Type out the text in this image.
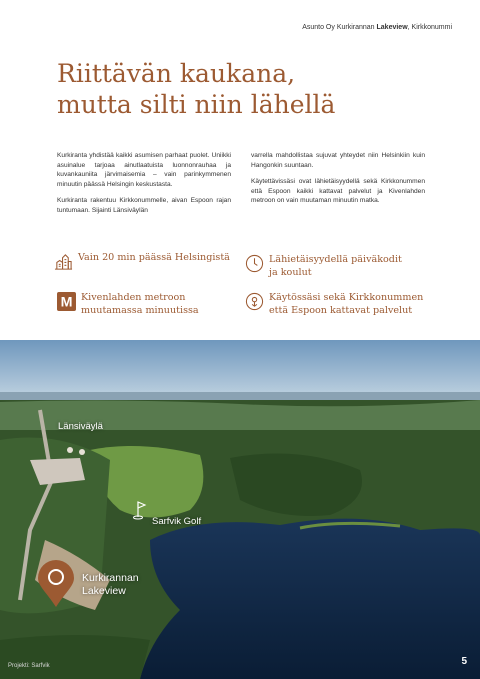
Asunto Oy Kurkirannan Lakeview, Kirkkonummi
Riittävän kaukana,
mutta silti niin lähellä

Kurkiranta yhdistää kaikki asumisen parhaat puolet. Uniikki asuinalue tarjoaa ainutlaatuista luonnonrauhaa ja kuvankauniita järvimaisemia – vain parinkymmenen minuutin päässä Helsingin keskustasta.

Kurkiranta rakentuu Kirkkonummelle, aivan Espoon rajan tuntumaan. Sijainti Länsiväylän

varrella mahdollistaa sujuvat yhteydet niin Helsinkiin kuin Hangonkin suuntaan.

Käytettävissäsi ovat lähietäisyydellä sekä Kirkkonummen että Espoon kaikki kattavat palvelut ja Kivenlahden metroon on vain muutaman minuutin matka.

Vain 20 min päässä Helsingistä	Lähietäisyydellä päiväkodit
ja koulut
M Kivenlahden metroon
muutamassa minuutissa
Käytössäsi sekä Kirkkonummen
että Espoon kattavat palvelut
Länsiväylä
Sarfvik Golf
Kurkirannan
Lakeview
Projekti: Sarfvik	5
